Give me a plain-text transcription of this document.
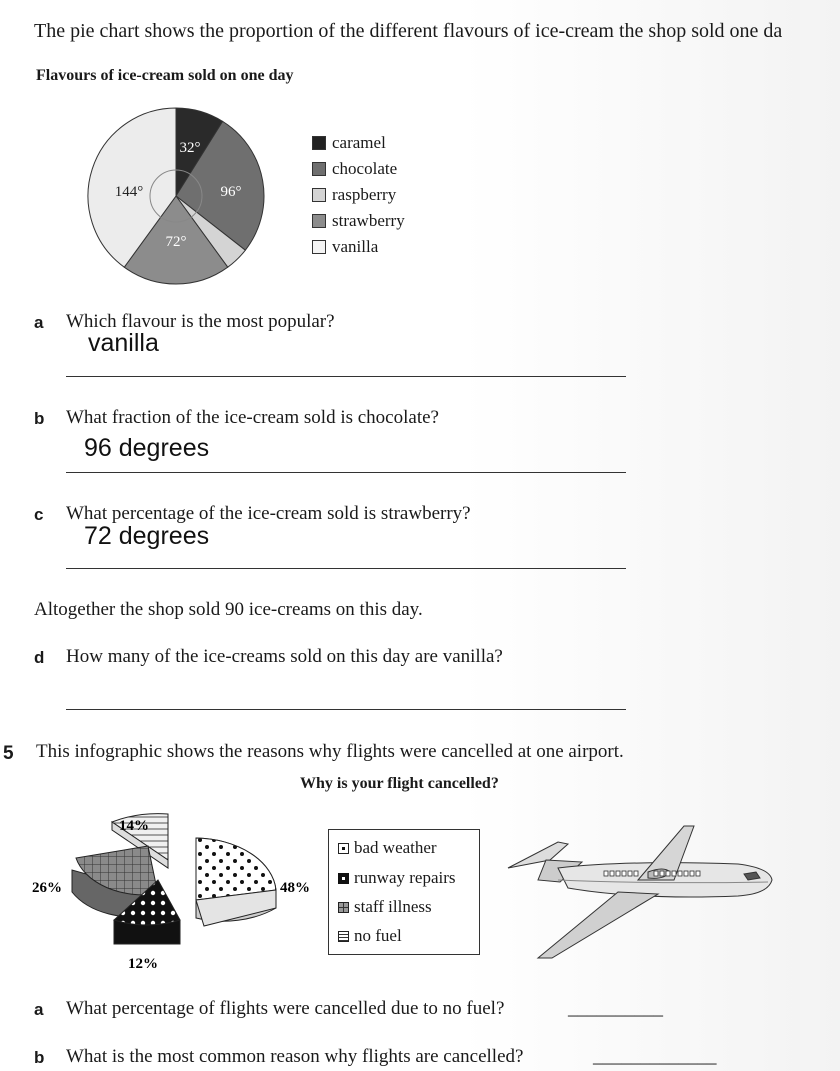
The pie chart shows the proportion of the different flavours of ice-cream the shop sold one da
Flavours of ice-cream sold on one day
32°
96°
72°
144°
caramel
chocolate
raspberry
strawberry
vanilla
a Which flavour is the most popular?
vanilla
b What fraction of the ice-cream sold is chocolate?
96 degrees
c What percentage of the ice-cream sold is strawberry?
72 degrees
Altogether the shop sold 90 ice-creams on this day.
d How many of the ice-creams sold on this day are vanilla?
5 This infographic shows the reasons why flights were cancelled at one airport.
Why is your flight cancelled?
14%
26%	48%
12%
bad weather
runway repairs
staff illness
no fuel
a What percentage of flights were cancelled due to no fuel?	__________
b What is the most common reason why flights are cancelled?	_____________
